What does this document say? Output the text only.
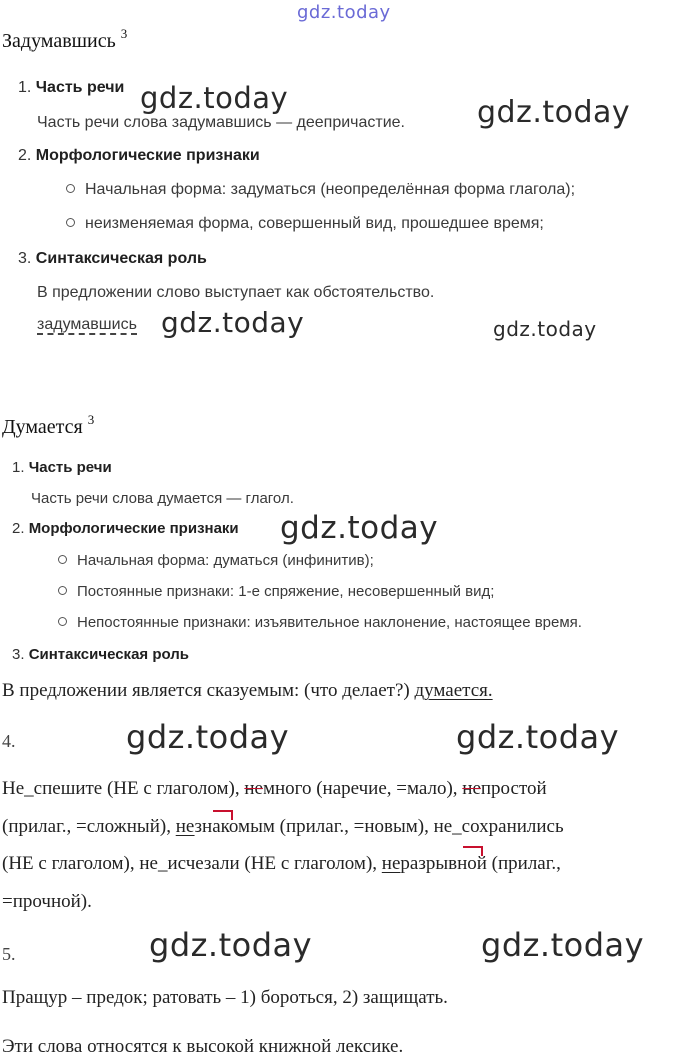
gdz.today
Задумавшись $^3$
1. Часть речи
Часть речи слова задумавшись — деепричастие.
2. Морфологические признаки
Начальная форма: задуматься (неопределённая форма глагола);
неизменяемая форма, совершенный вид, прошедшее время;
3. Синтаксическая роль
В предложении слово выступает как обстоятельство.
задумавшись
gdz.today	gdz.today
gdz.today	gdz.today
Думается $^3$
1. Часть речи
Часть речи слова думается — глагол.
2. Морфологические признаки
Начальная форма: думаться (инфинитив);
Постоянные признаки: 1-е спряжение, несовершенный вид;
Непостоянные признаки: изъявительное наклонение, настоящее время.
3. Синтаксическая роль
В предложении является сказуемым: (что делает?) думается.
gdz.today
4.	gdz.today	gdz.today
Не_спешите (НЕ с глаголом), немного (наречие, =мало), непростой
(прилаг., =сложный), незнакомым (прилаг., =новым), не_сохранились
(НЕ с глаголом), не_исчезали (НЕ с глаголом), неразрывной (прилаг.,
=прочной).
5.	gdz.today	gdz.today
Пращур – предок; ратовать – 1) бороться, 2) защищать.
Эти слова относятся к высокой книжной лексике.
